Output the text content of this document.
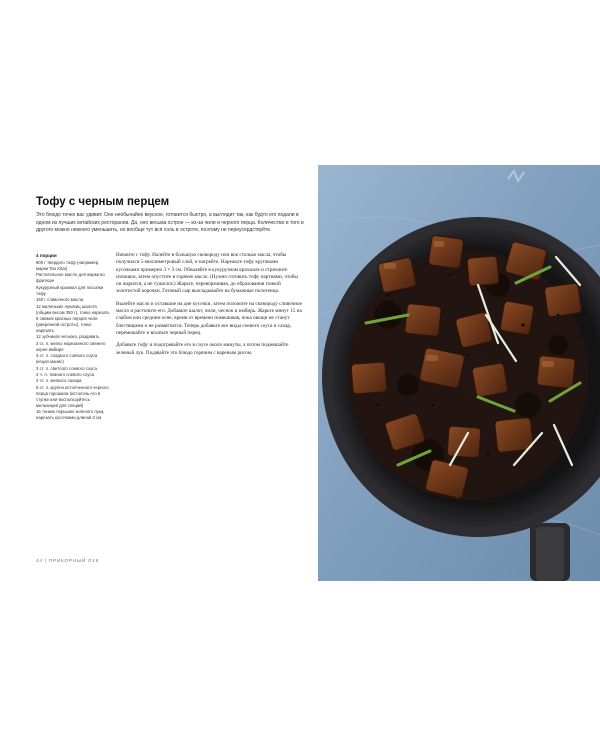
Тофу с черным перцем

Это блюдо точно вас удивит. Оно необычайно вкусное, готовится быстро, а выглядит так, как будто его подали в одном из лучших китайских ресторанов. Да, оно весьма острое — из-за чили и черного перца. Количество и того и другого можно немного уменьшить, но вообще тут вся соль в остроте, поэтому не переусердствуйте.

4 порции

800 г твердого тофу (например, марки Tao Kitai)
Растительное масло для жарки во фритюре
Кукурузный крахмал для посыпки тофу
150 г сливочного масла
12 маленьких луковиц шалота (общим весом 350 г), тонко нарезать
8 свежих красных перцев чили (умеренной остроты), тонко нарезать
12 зубчиков чеснока, раздавить
3 ст. л. мелко нарезанного свежего корня имбиря
3 ст. л. сладкого соевого соуса (кецап манис)
3 ст. л. светлого соевого соуса
4 ч. л. темного соевого соуса
2 ст. л. мелкого сахара
5 ст. л. крупно истолченного черного перца горошком (истолочь его в ступке или воспользуйтесь мельницей для специй)
16 тонких перышек зеленого лука, нарезать кусочками длиной 3 см

Начните с тофу. Налейте в большую сковороду или вок столько масла, чтобы получился 5-миллиметровый слой, и нагрейте. Нарежьте тофу крупными кусочками примерно 3 × 3 см. Обваляйте в кукурузном крахмале и стряхните излишки, затем опустите в горячее масло. (Нужно готовить тофу партиями, чтобы он жарился, а не тушился.) Жарьте, переворачивая, до образования тонкой золотистой корочки. Готовый сыр выкладывайте на бумажные полотенца.

Вылейте масло и оставшие на дне кусочки, затем положите на сковороду сливочное масло и растопите его. Добавьте шалот, чили, чеснок и имбирь. Жарьте минут 15 на слабом или среднем огне, время от времени помешивая, пока овощи не станут блестящими и не размягчатся. Теперь добавьте все виды соевого соуса и сахар, перемешайте и всыпьте черный перец.

Добавьте тофу и подогревайте его в соусе около минуты, а потом подмешайте зеленый лук. Подавайте это блюдо горячим с вареным рисом.

44 | ПРИКОРНЫЙ ЛУК
